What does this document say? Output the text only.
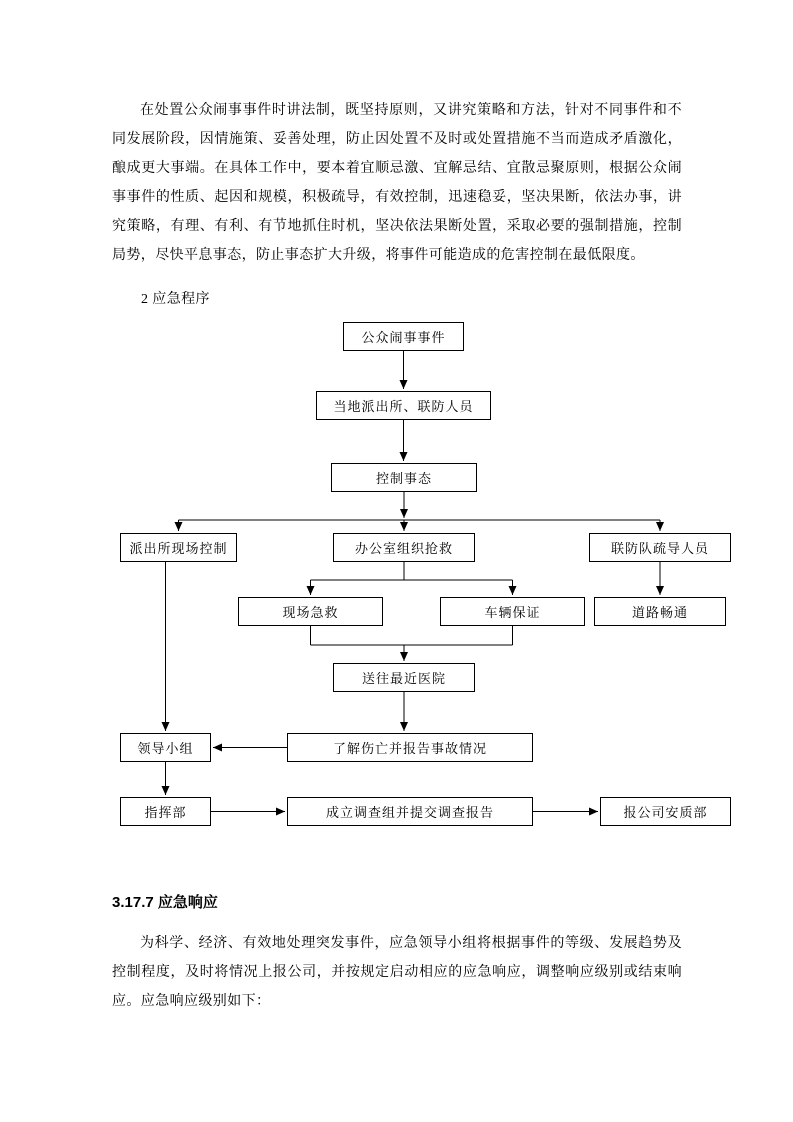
在处置公众闹事事件时讲法制，既坚持原则，又讲究策略和方法，针对不同事件和不同发展阶段，因情施策、妥善处理，防止因处置不及时或处置措施不当而造成矛盾激化，酿成更大事端。在具体工作中，要本着宜顺忌激、宜解忌结、宜散忌聚原则，根据公众闹事事件的性质、起因和规模，积极疏导，有效控制，迅速稳妥，坚决果断，依法办事，讲究策略，有理、有利、有节地抓住时机，坚决依法果断处置，采取必要的强制措施，控制局势，尽快平息事态，防止事态扩大升级，将事件可能造成的危害控制在最低限度。

2 应急程序
公众闹事事件
当地派出所、联防人员
控制事态
派出所现场控制	办公室组织抢救	联防队疏导人员
现场急救	车辆保证	道路畅通
送往最近医院
了解伤亡并报告事故情况
领导小组
指挥部	成立调查组并提交调查报告	报公司安质部
3.17.7 应急响应

为科学、经济、有效地处理突发事件，应急领导小组将根据事件的等级、发展趋势及控制程度，及时将情况上报公司，并按规定启动相应的应急响应，调整响应级别或结束响应。应急响应级别如下：
